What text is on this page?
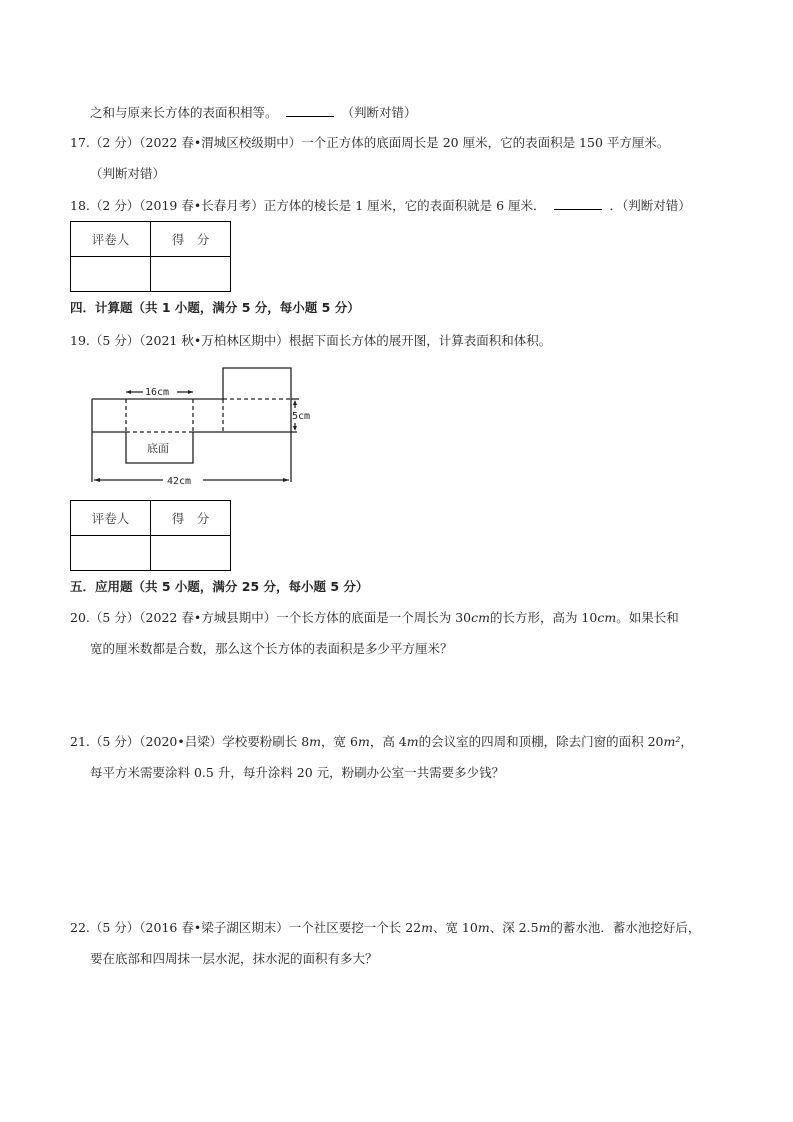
之和与原来长方体的表面积相等。	（判断对错）
17.（2 分）（2022 春•渭城区校级期中）一个正方体的底面周长是 20 厘米，它的表面积是 150 平方厘米。
（判断对错）
18.（2 分）（2019 春•长春月考）正方体的棱长是 1 厘米，它的表面积就是 6 厘米．	．（判断对错）
评卷人	得　分

四．计算题（共 1 小题，满分 5 分，每小题 5 分）
19.（5 分）（2021 秋•万柏林区期中）根据下面长方体的展开图，计算表面积和体积。
16cm
5cm
42cm
底面
评卷人	得　分

五．应用题（共 5 小题，满分 25 分，每小题 5 分）
20.（5 分）（2022 春•方城县期中）一个长方体的底面是一个周长为 30cm的长方形，高为 10cm。如果长和
宽的厘米数都是合数，那么这个长方体的表面积是多少平方厘米？
21.（5 分）（2020•吕梁）学校要粉刷长 8m，宽 6m，高 4m的会议室的四周和顶棚，除去门窗的面积 20m²，
每平方米需要涂料 0.5 升，每升涂料 20 元，粉刷办公室一共需要多少钱？
22.（5 分）（2016 春•梁子湖区期末）一个社区要挖一个长 22m、宽 10m、深 2.5m的蓄水池．蓄水池挖好后，
要在底部和四周抹一层水泥，抹水泥的面积有多大？
